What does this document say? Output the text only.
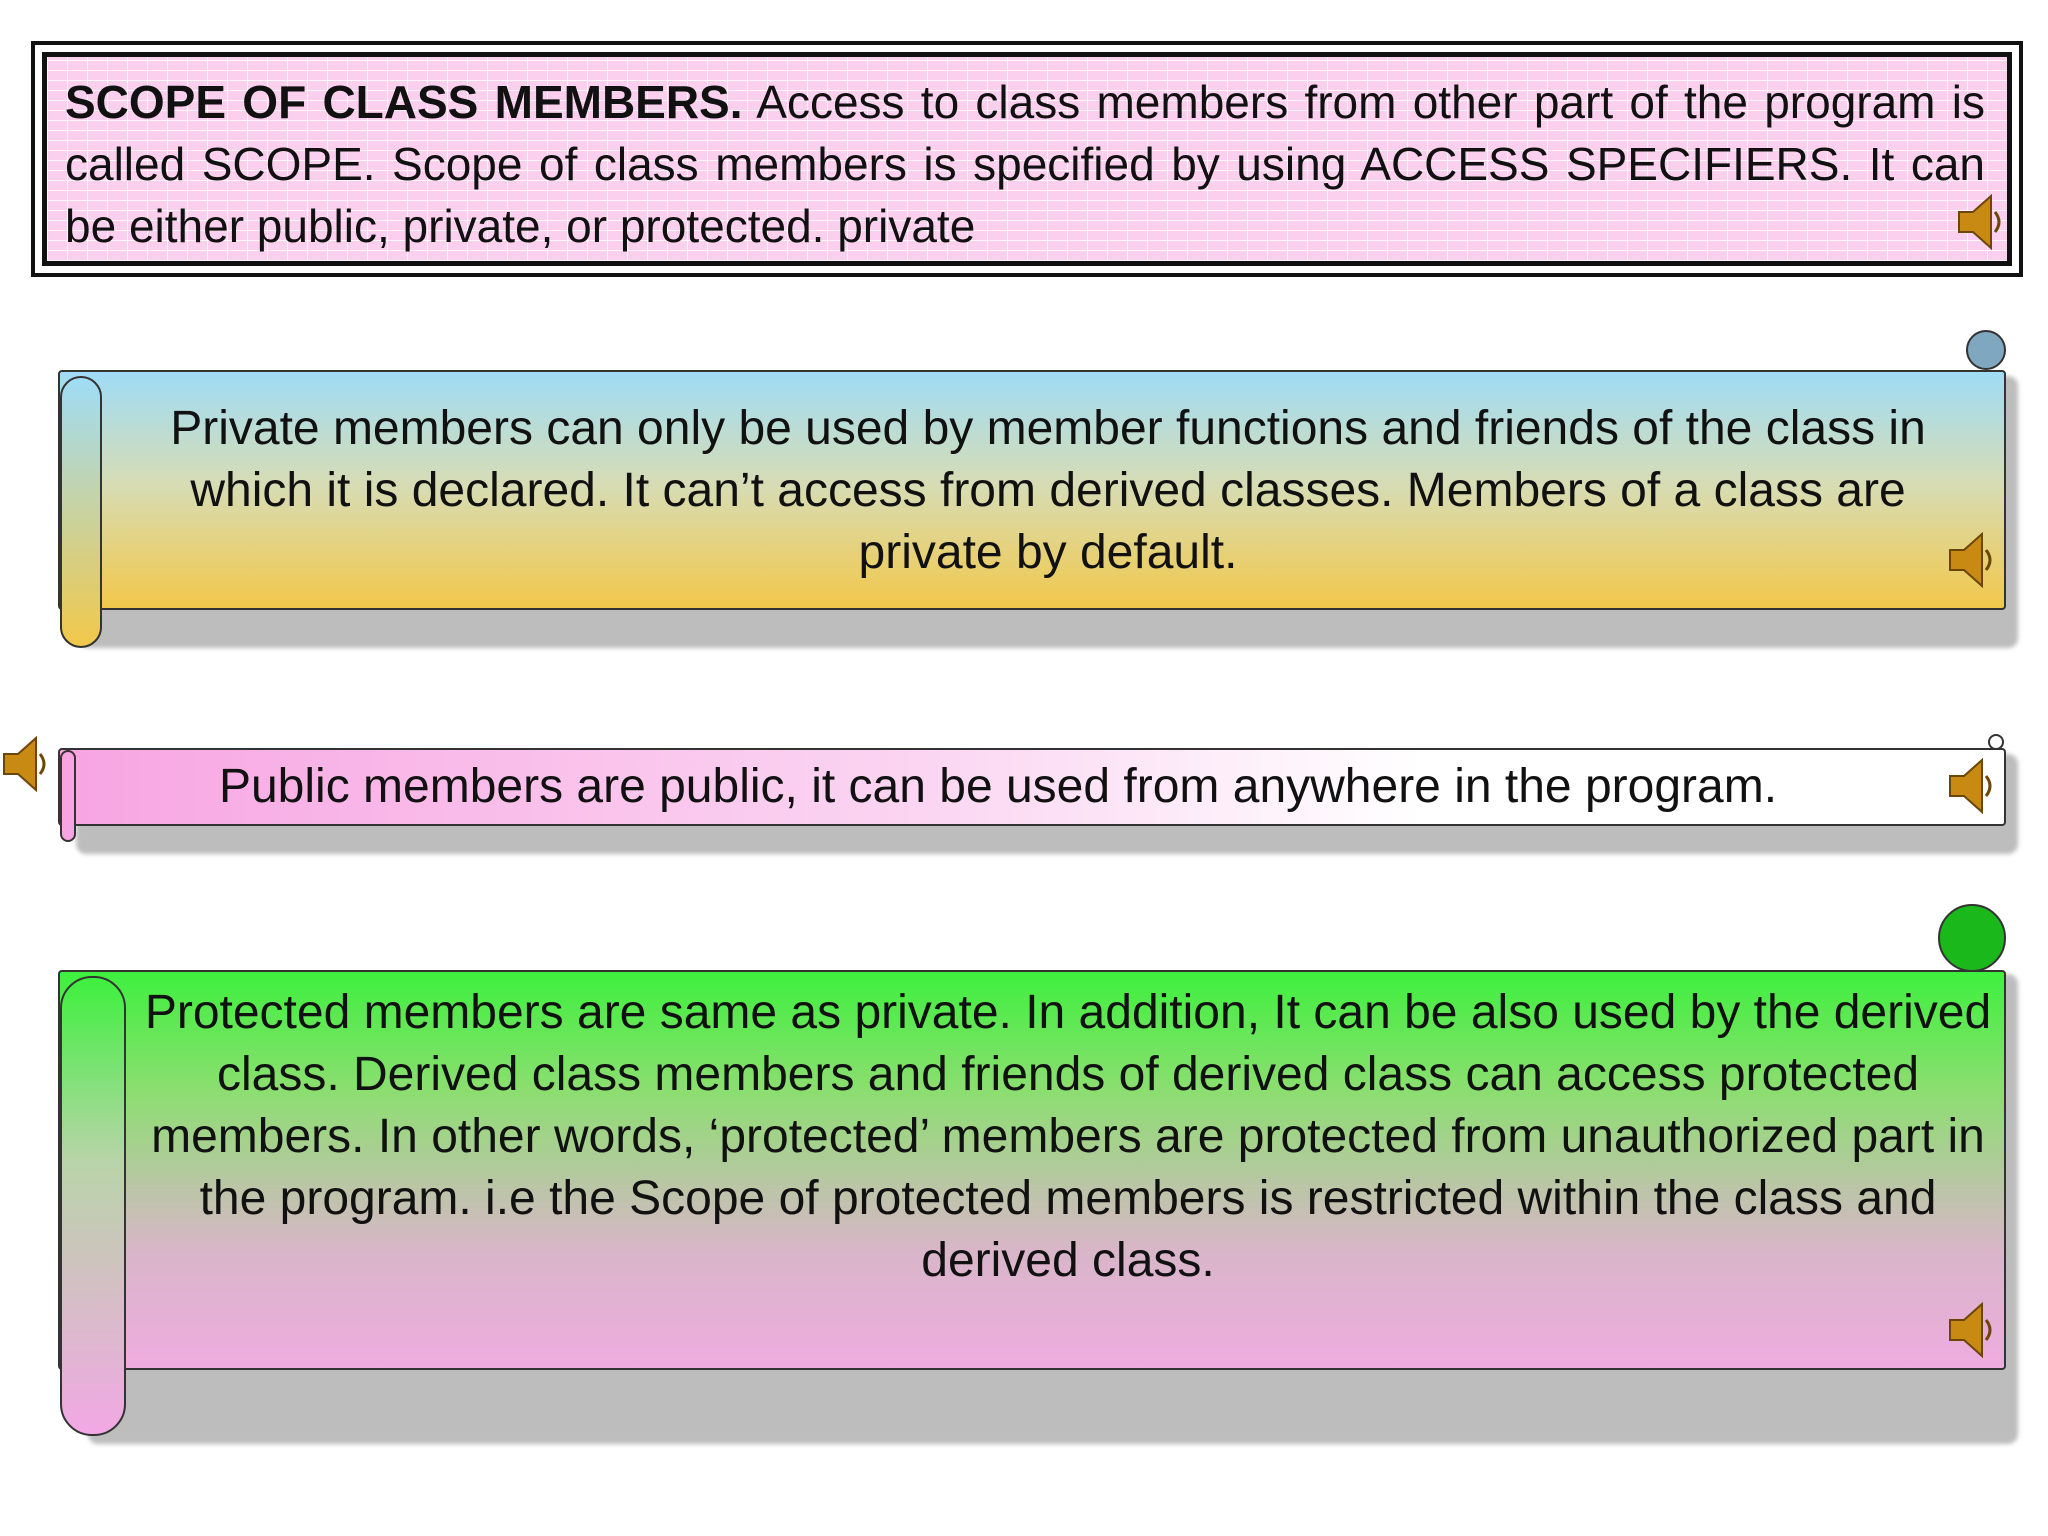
SCOPE OF CLASS MEMBERS. Access to class members from other part of the program is called SCOPE. Scope of class members is specified by using ACCESS SPECIFIERS. It can be either public, private, or protected. private

Private members can only be used by member functions and friends of the class in which it is declared. It can’t access from derived classes. Members of a class are private by default.

Public members are public, it can be used from anywhere in the program.

Protected members are same as private. In addition, It can be also used by the derived class. Derived class members and friends of derived class can access protected members. In other words, ‘protected’ members are protected from unauthorized part in the program. i.e the Scope of protected members is restricted within the class and derived class.
